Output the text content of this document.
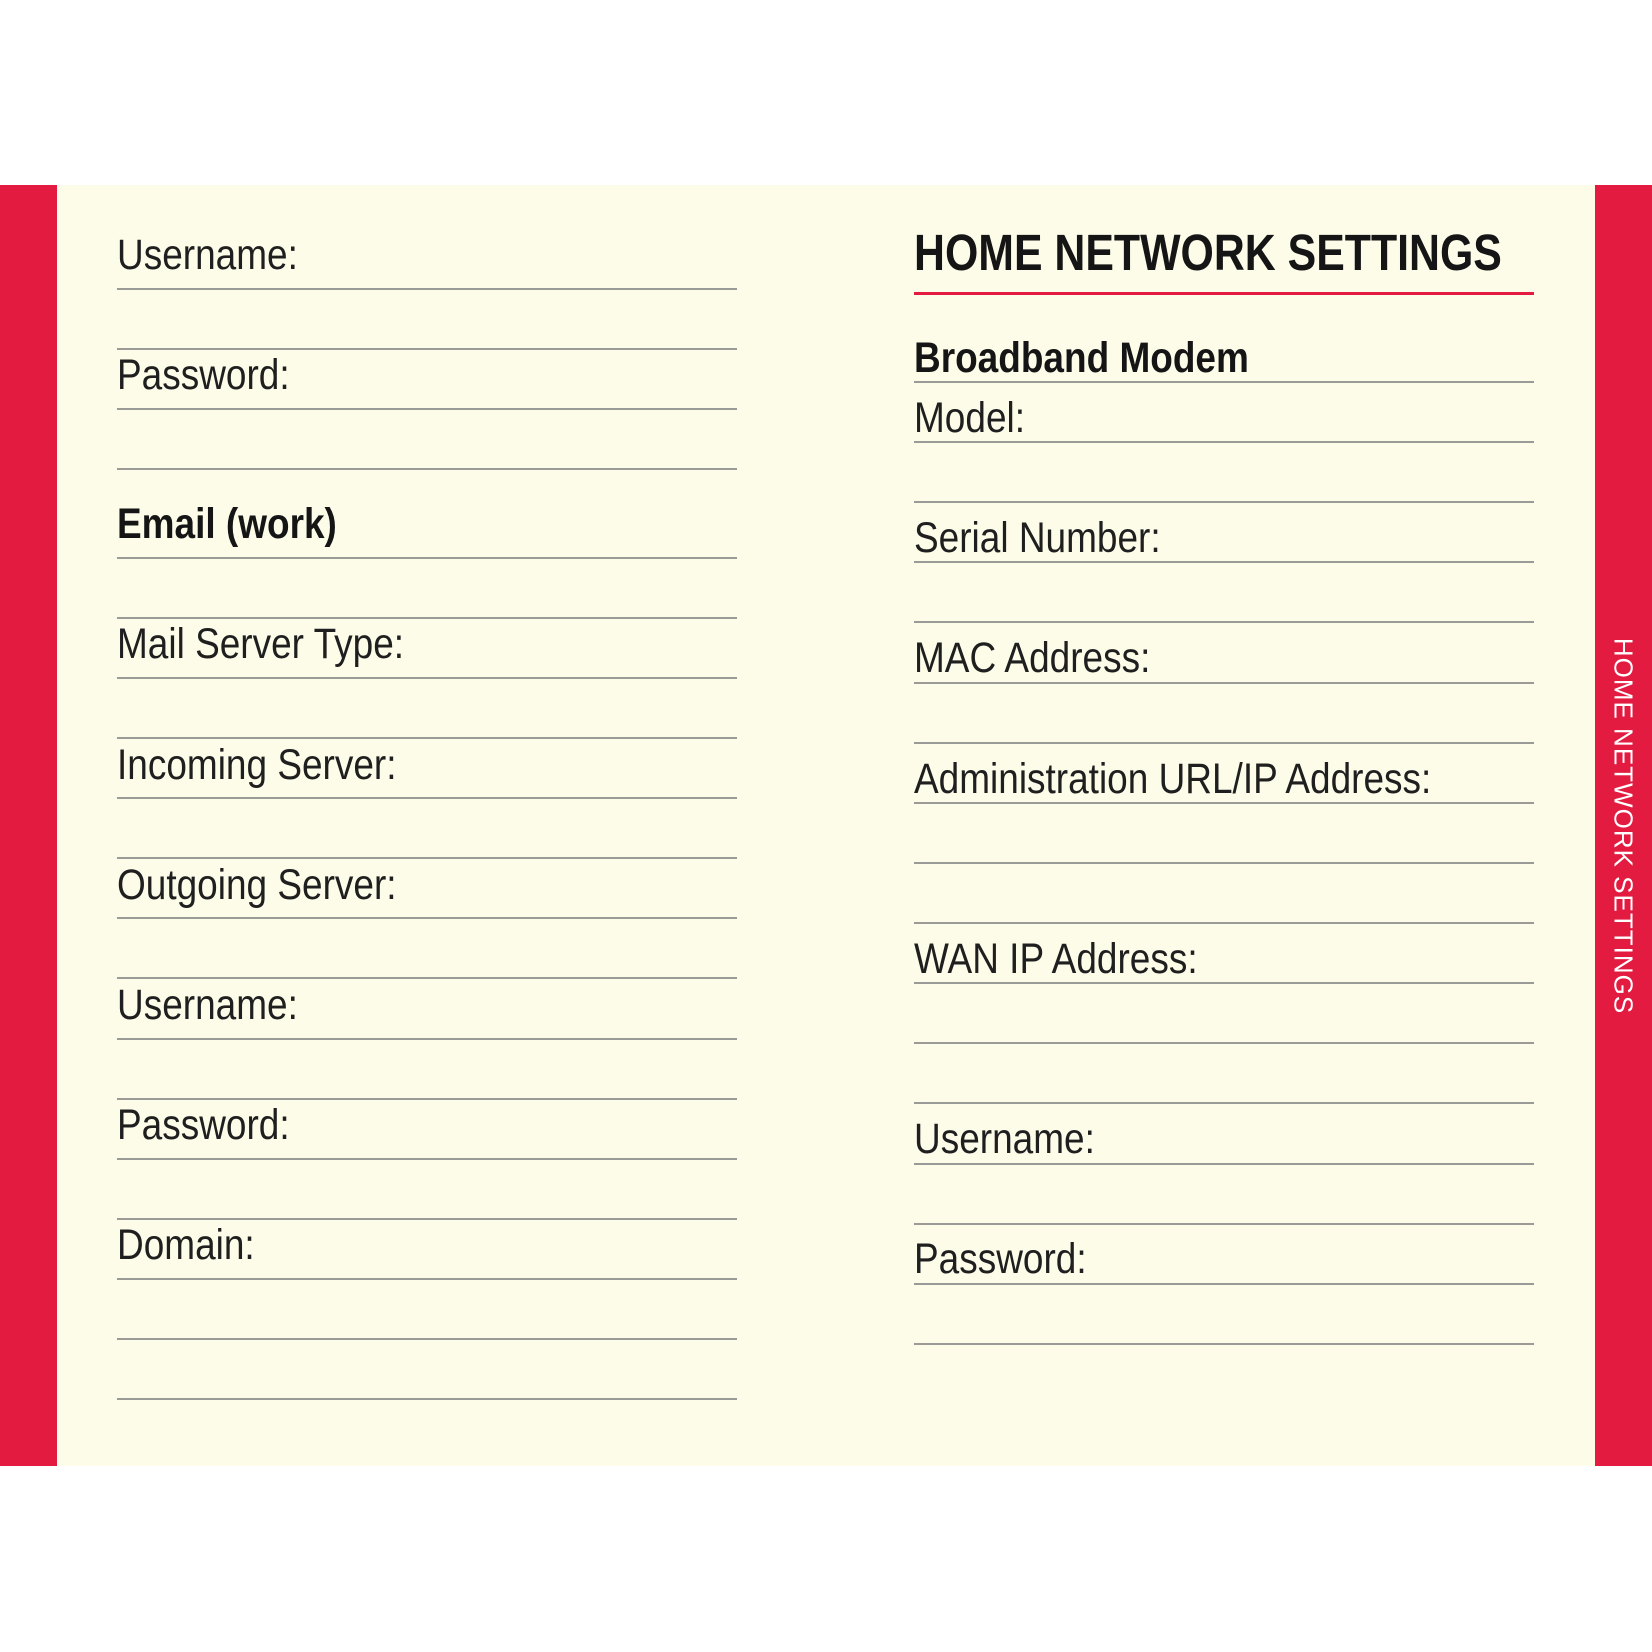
Username:
Password:
Email (work)
Mail Server Type:
Incoming Server:
Outgoing Server:
Username:
Password:
Domain:
HOME NETWORK SETTINGS
Broadband Modem
Model:
Serial Number:
MAC Address:
Administration URL/IP Address:
WAN IP Address:
Username:
Password:
HOME NETWORK SETTINGS
